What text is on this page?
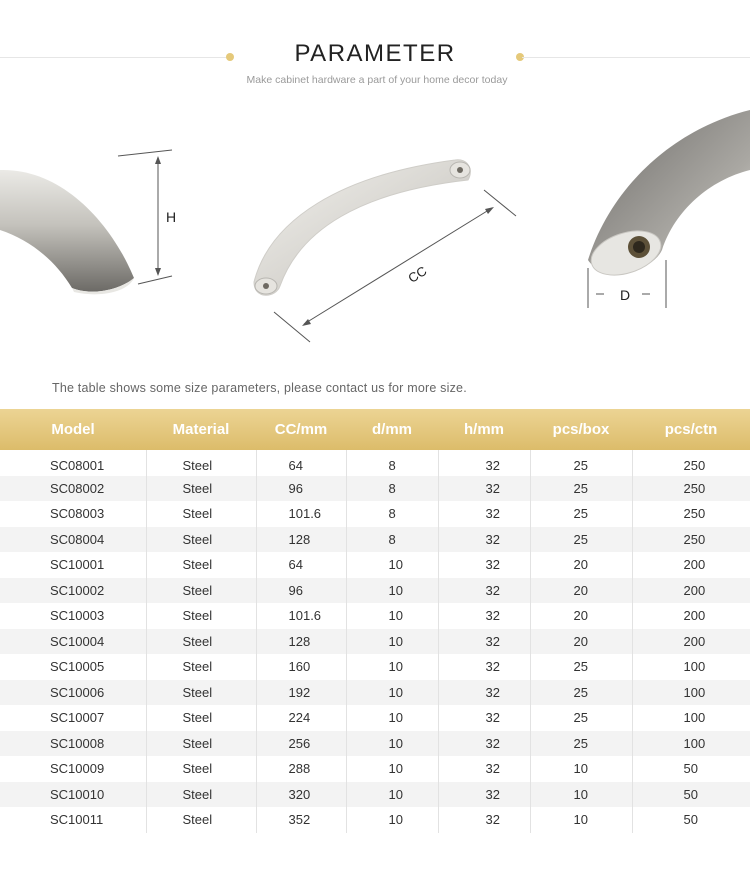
PARAMETER
Make cabinet hardware a part of your home decor today
H
CC
D
The table shows some size parameters, please contact us for more size.
Model	Material	CC/mm	d/mm	h/mm	pcs/box	pcs/ctn
SC08001	Steel	64	8	32	25	250
SC08002	Steel	96	8	32	25	250
SC08003	Steel	101.6	8	32	25	250
SC08004	Steel	128	8	32	25	250
SC10001	Steel	64	10	32	20	200
SC10002	Steel	96	10	32	20	200
SC10003	Steel	101.6	10	32	20	200
SC10004	Steel	128	10	32	20	200
SC10005	Steel	160	10	32	25	100
SC10006	Steel	192	10	32	25	100
SC10007	Steel	224	10	32	25	100
SC10008	Steel	256	10	32	25	100
SC10009	Steel	288	10	32	10	50
SC10010	Steel	320	10	32	10	50
SC10011	Steel	352	10	32	10	50
